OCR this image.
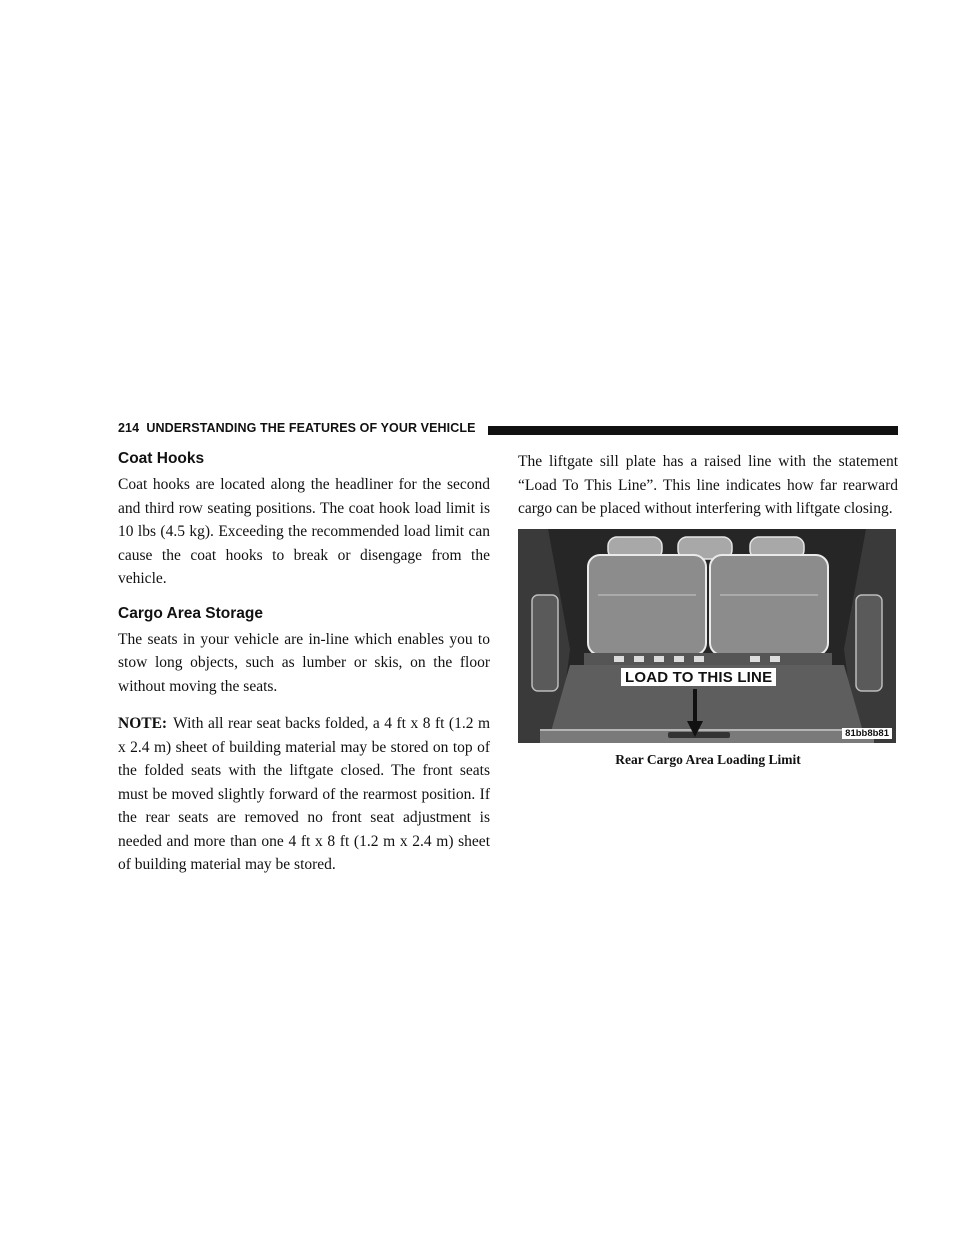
214 UNDERSTANDING THE FEATURES OF YOUR VEHICLE
Coat Hooks

Coat hooks are located along the headliner for the second and third row seating positions. The coat hook load limit is 10 lbs (4.5 kg). Exceeding the recommended load limit can cause the coat hooks to break or disengage from the vehicle.

Cargo Area Storage

The seats in your vehicle are in-line which enables you to stow long objects, such as lumber or skis, on the floor without moving the seats.

NOTE: With all rear seat backs folded, a 4 ft x 8 ft (1.2 m x 2.4 m) sheet of building material may be stored on top of the folded seats with the liftgate closed. The front seats must be moved slightly forward of the rearmost position. If the rear seats are removed no front seat adjustment is needed and more than one 4 ft x 8 ft (1.2 m x 2.4 m) sheet of building material may be stored.

The liftgate sill plate has a raised line with the statement “Load To This Line”. This line indicates how far rearward cargo can be placed without interfering with liftgate closing.

LOAD TO THIS LINE
81bb8b81
Rear Cargo Area Loading Limit
